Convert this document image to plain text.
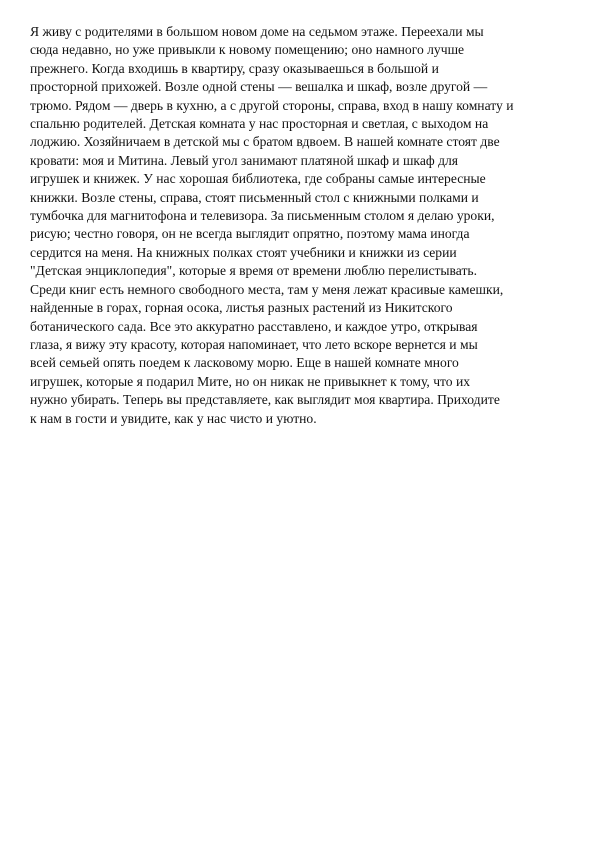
Я живу с родителями в большом новом доме на седьмом этаже. Переехали мы
сюда недавно, но уже привыкли к новому помещению; оно намного лучше
прежнего. Когда входишь в квартиру, сразу оказываешься в большой и
просторной прихожей. Возле одной стены — вешалка и шкаф, возле другой —
трюмо. Рядом — дверь в кухню, а с другой стороны, справа, вход в нашу комнату и
спальню родителей. Детская комната у нас просторная и светлая, с выходом на
лоджию. Хозяйничаем в детской мы с братом вдвоем. В нашей комнате стоят две
кровати: моя и Митина. Левый угол занимают платяной шкаф и шкаф для
игрушек и книжек. У нас хорошая библиотека, где собраны самые интересные
книжки. Возле стены, справа, стоят письменный стол с книжными полками и
тумбочка для магнитофона и телевизора. За письменным столом я делаю уроки,
рисую; честно говоря, он не всегда выглядит опрятно, поэтому мама иногда
сердится на меня. На книжных полках стоят учебники и книжки из серии
"Детская энциклопедия", которые я время от времени люблю перелистывать.
Среди книг есть немного свободного места, там у меня лежат красивые камешки,
найденные в горах, горная осока, листья разных растений из Никитского
ботанического сада. Все это аккуратно расставлено, и каждое утро, открывая
глаза, я вижу эту красоту, которая напоминает, что лето вскоре вернется и мы
всей семьей опять поедем к ласковому морю. Еще в нашей комнате много
игрушек, которые я подарил Мите, но он никак не привыкнет к тому, что их
нужно убирать. Теперь вы представляете, как выглядит моя квартира. Приходите
к нам в гости и увидите, как у нас чисто и уютно.
